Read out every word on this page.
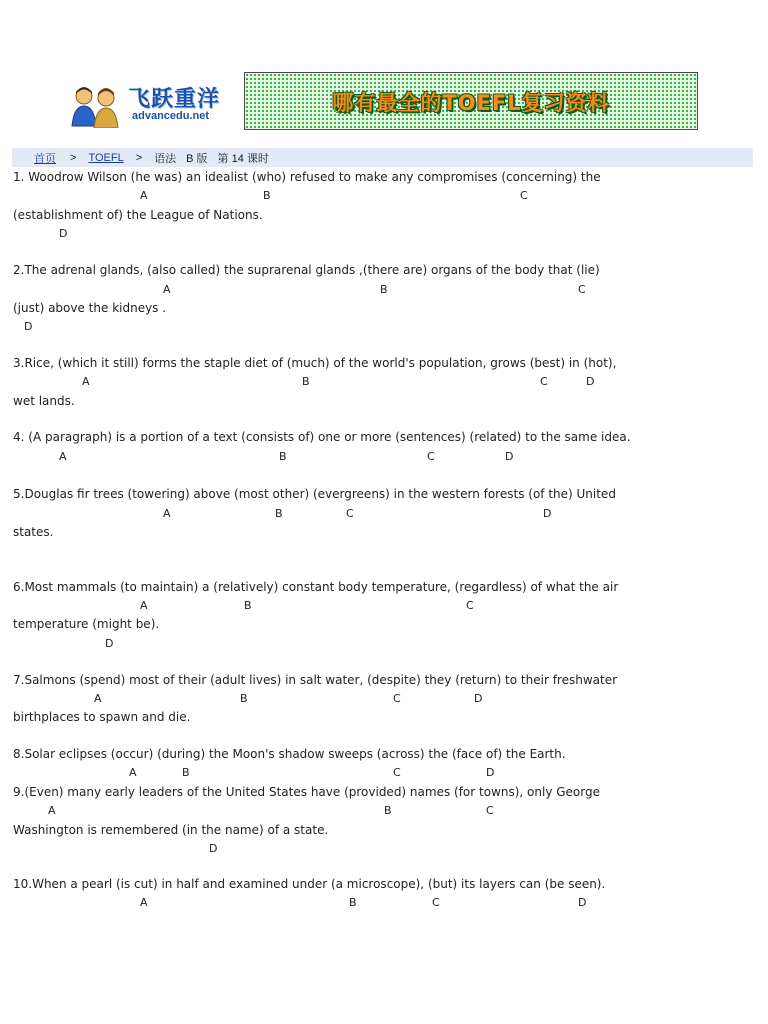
飞跃重洋
advancedu.net
哪有最全的TOEFL复习资料
首页 > TOEFL > 语法 B 版 第 14 课时
1. Woodrow Wilson (he was) an idealist (who) refused to make any compromises (concerning) the
A	B	C
(establishment of) the League of Nations.
D
2.The adrenal glands, (also called) the suprarenal glands ,(there are) organs of the body that (lie)
A	B	C
(just) above the kidneys .
D
3.Rice, (which it still) forms the staple diet of (much) of the world's population, grows (best) in (hot),
A	B	C	D
wet lands.
4. (A paragraph) is a portion of a text (consists of) one or more (sentences) (related) to the same idea.
A	B	C	D
5.Douglas fir trees (towering) above (most other) (evergreens) in the western forests (of the) United
A	B	C	D
states.
6.Most mammals (to maintain) a (relatively) constant body temperature, (regardless) of what the air
A	B	C
temperature (might be).
D
7.Salmons (spend) most of their (adult lives) in salt water, (despite) they (return) to their freshwater
A	B	C	D
birthplaces to spawn and die.
8.Solar eclipses (occur) (during) the Moon's shadow sweeps (across) the (face of) the Earth.
A	B	C	D
9.(Even) many early leaders of the United States have (provided) names (for towns), only George
A	B	C
Washington is remembered (in the name) of a state.
D
10.When a pearl (is cut) in half and examined under (a microscope), (but) its layers can (be seen).
A	B	C	D
